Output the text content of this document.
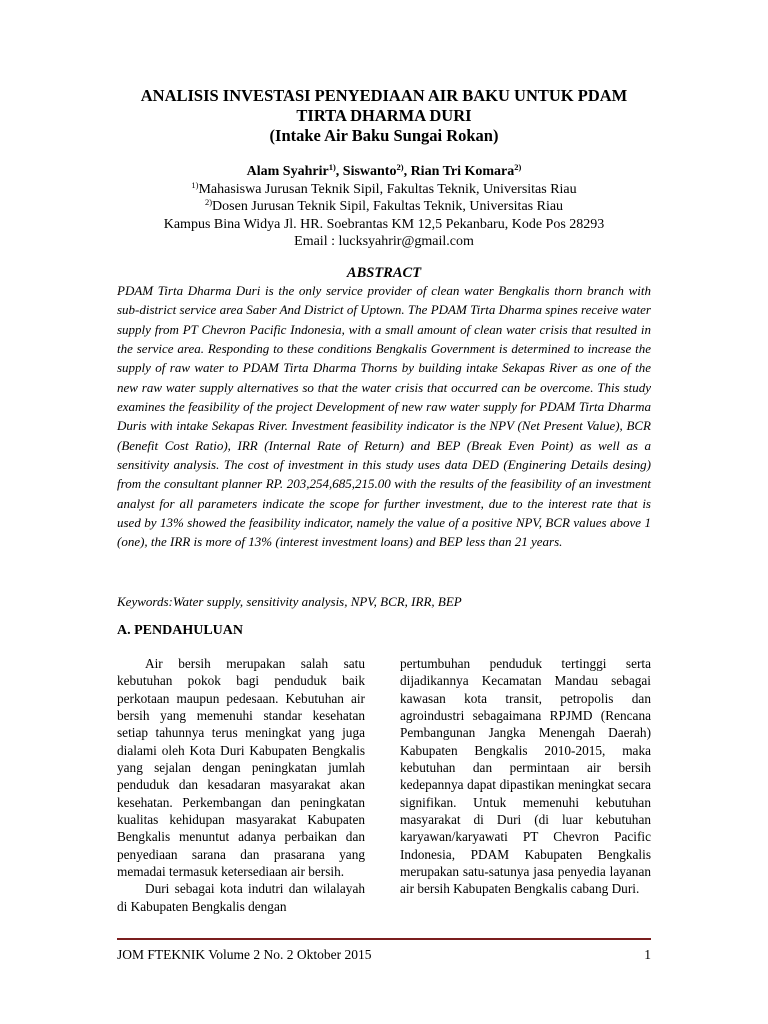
ANALISIS INVESTASI PENYEDIAAN AIR BAKU UNTUK PDAM
TIRTA DHARMA DURI
(Intake Air Baku Sungai Rokan)
Alam Syahrir$^{1)}$, Siswanto$^{2)}$, Rian Tri Komara$^{2)}$
$^{1)}$Mahasiswa Jurusan Teknik Sipil, Fakultas Teknik, Universitas Riau
$^{2)}$Dosen Jurusan Teknik Sipil, Fakultas Teknik, Universitas Riau
Kampus Bina Widya Jl. HR. Soebrantas KM 12,5 Pekanbaru, Kode Pos 28293
Email : lucksyahrir@gmail.com
ABSTRACT

PDAM Tirta Dharma Duri is the only service provider of clean water Bengkalis thorn branch with sub-district service area Saber And District of Uptown. The PDAM Tirta Dharma spines receive water supply from PT Chevron Pacific Indonesia, with a small amount of clean water crisis that resulted in the service area. Responding to these conditions Bengkalis Government is determined to increase the supply of raw water to PDAM Tirta Dharma Thorns by building intake Sekapas River as one of the new raw water supply alternatives so that the water crisis that occurred can be overcome. This study examines the feasibility of the project Development of new raw water supply for PDAM Tirta Dharma Duris with intake Sekapas River. Investment feasibility indicator is the NPV (Net Present Value), BCR (Benefit Cost Ratio), IRR (Internal Rate of Return) and BEP (Break Even Point) as well as a sensitivity analysis. The cost of investment in this study uses data DED (Enginering Details desing) from the consultant planner RP. 203,254,685,215.00 with the results of the feasibility of an investment analyst for all parameters indicate the scope for further investment, due to the interest rate that is used by 13% showed the feasibility indicator, namely the value of a positive NPV, BCR values above 1 (one), the IRR is more of 13% (interest investment loans) and BEP less than 21 years.

Keywords:Water supply, sensitivity analysis, NPV, BCR, IRR, BEP

A. PENDAHULUAN

Air bersih merupakan salah satu kebutuhan pokok bagi penduduk baik perkotaan maupun pedesaan. Kebutuhan air bersih yang memenuhi standar kesehatan setiap tahunnya terus meningkat yang juga dialami oleh Kota Duri Kabupaten Bengkalis yang sejalan dengan peningkatan jumlah penduduk dan kesadaran masyarakat akan kesehatan. Perkembangan dan peningkatan kualitas kehidupan masyarakat Kabupaten Bengkalis menuntut adanya perbaikan dan penyediaan sarana dan prasarana yang memadai termasuk ketersediaan air bersih.

Duri sebagai kota indutri dan wilalayah di Kabupaten Bengkalis dengan

pertumbuhan penduduk tertinggi serta dijadikannya Kecamatan Mandau sebagai kawasan kota transit, petropolis dan agroindustri sebagaimana RPJMD (Rencana Pembangunan Jangka Menengah Daerah) Kabupaten Bengkalis 2010-2015, maka kebutuhan dan permintaan air bersih kedepannya dapat dipastikan meningkat secara signifikan. Untuk memenuhi kebutuhan masyarakat di Duri (di luar kebutuhan karyawan/karyawati PT Chevron Pacific Indonesia, PDAM Kabupaten Bengkalis merupakan satu-satunya jasa penyedia layanan air bersih Kabupaten Bengkalis cabang Duri.

JOM FTEKNIK Volume 2 No. 2 Oktober 2015	1
